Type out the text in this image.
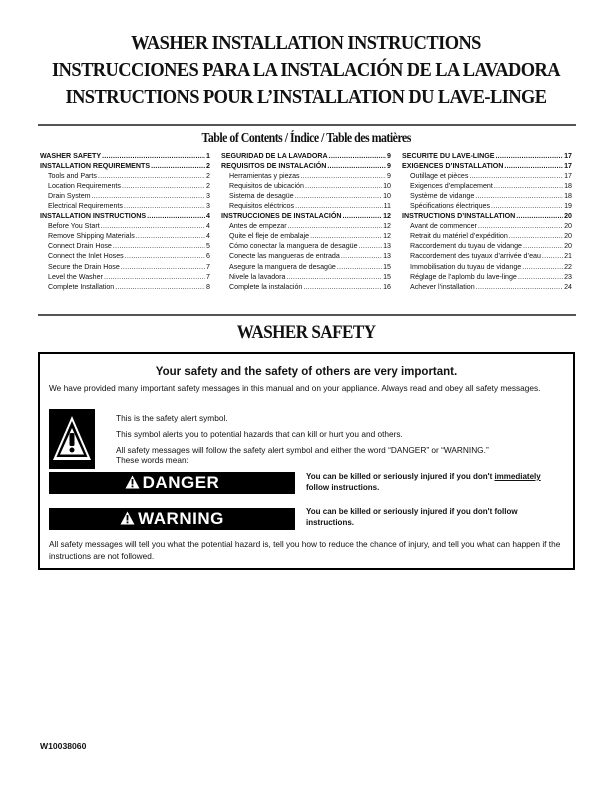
WASHER INSTALLATION INSTRUCTIONS
INSTRUCCIONES PARA LA INSTALACIÓN DE LA LAVADORA
INSTRUCTIONS POUR L’INSTALLATION DU LAVE-LINGE
Table of Contents / Índice / Table des matières
WASHER SAFETY .....	1
INSTALLATION REQUIREMENTS .....	2
Tools and Parts .....	2
Location Requirements .....	2
Drain System .....	3
Electrical Requirements .....	3
INSTALLATION INSTRUCTIONS .....	4
Before You Start .....	4
Remove Shipping Materials .....	4
Connect Drain Hose .....	5
Connect the Inlet Hoses .....	6
Secure the Drain Hose .....	7
Level the Washer .....	7
Complete Installation .....	8
SEGURIDAD DE LA LAVADORA .....	9
REQUISITOS DE INSTALACIÓN .....	9
Herramientas y piezas .....	9
Requisitos de ubicación .....	10
Sistema de desagüe .....	10
Requisitos eléctricos .....	11
INSTRUCCIONES DE INSTALACIÓN .....	12
Antes de empezar .....	12
Quite el fleje de embalaje .....	12
Cómo conectar la manguera de desagüe .....	13
Conecte las mangueras de entrada .....	13
Asegure la manguera de desagüe .....	15
Nivele la lavadora .....	15
Complete la instalación .....	16
SECURITE DU LAVE-LINGE .....	17
EXIGENCES D’INSTALLATION .....	17
Outillage et pièces .....	17
Exigences d’emplacement .....	18
Système de vidange .....	18
Spécifications électriques .....	19
INSTRUCTIONS D’INSTALLATION .....	20
Avant de commencer .....	20
Retrait du matériel d’expédition .....	20
Raccordement du tuyau de vidange .....	20
Raccordement des tuyaux d’arrivée d’eau .....	21
Immobilisation du tuyau de vidange .....	22
Réglage de l’aplomb du lave-linge .....	23
Achever l’installation .....	24
WASHER SAFETY
Your safety and the safety of others are very important.
We have provided many important safety messages in this manual and on your appliance. Always read and obey all safety messages.
This is the safety alert symbol.
This symbol alerts you to potential hazards that can kill or hurt you and others.
All safety messages will follow the safety alert symbol and either the word “DANGER” or “WARNING.”
These words mean:
DANGER	You can be killed or seriously injured if you don't immediately
follow instructions.
WARNING	You can be killed or seriously injured if you don't follow instructions.
All safety messages will tell you what the potential hazard is, tell you how to reduce the chance of injury, and tell you what can happen if the instructions are not followed.
W10038060
